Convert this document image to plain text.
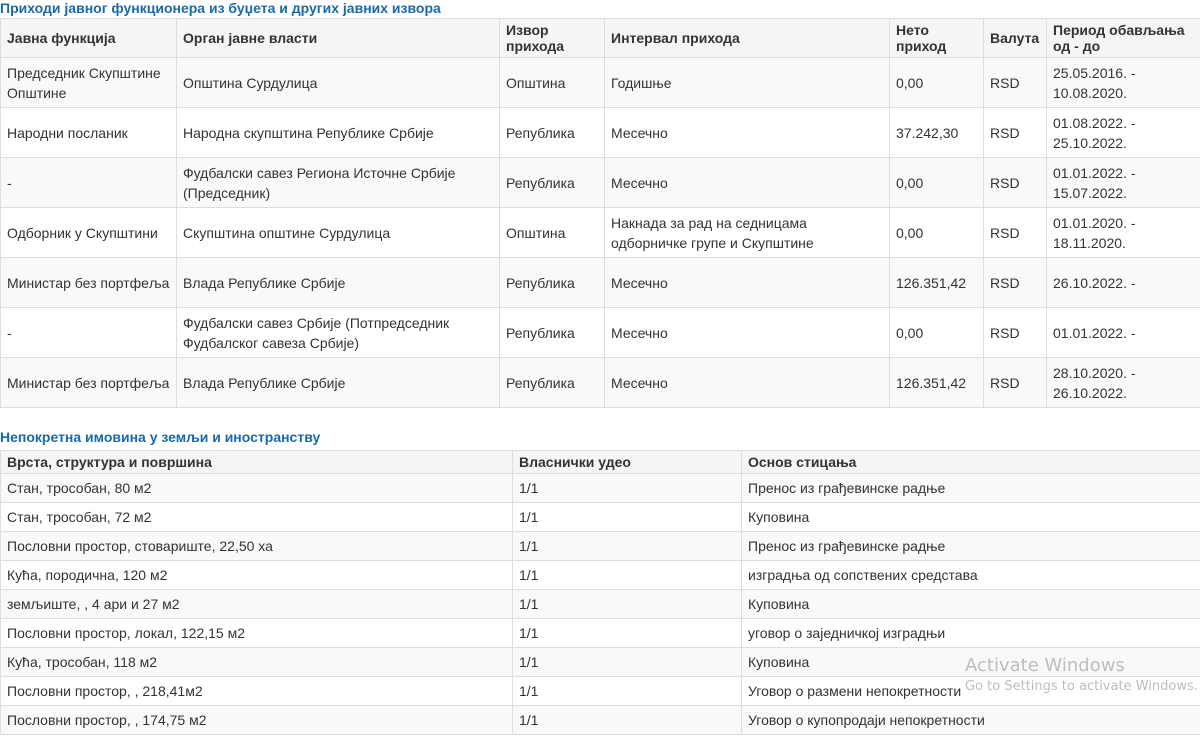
Приходи јавног функционера из буџета и других јавних извора
Јавна функција	Орган јавне власти	Извор прихода	Интервал прихода	Нето приход	Валута	Период обављања од - до
Председник Скупштине Општине	Општина Сурдулица	Општина	Годишње	0,00	RSD	25.05.2016. - 10.08.2020.
Народни посланик	Народна скупштина Републике Србије	Република	Месечно	37.242,30	RSD	01.08.2022. - 25.10.2022.
-	Фудбалски савез Регионa Источне Србије (Председник)	Република	Месечно	0,00	RSD	01.01.2022. - 15.07.2022.
Одборник у Скупштини	Скупштина општине Сурдулица	Општина	Накнада за рад на седницама одборничке групе и Скупштине	0,00	RSD	01.01.2020. - 18.11.2020.
Министар без портфеља	Влада Републике Србије	Република	Месечно	126.351,42	RSD	26.10.2022. -
-	Фудбалски савез Србије (Потпредседник Фудбалског савеза Србије)	Република	Месечно	0,00	RSD	01.01.2022. -
Министар без портфеља	Влада Републике Србије	Република	Месечно	126.351,42	RSD	28.10.2020. - 26.10.2022.
Непокретна имовина у земљи и иностранству
Врста, структура и површина	Власнички удео	Основ стицања
Стан, трособан, 80 м2	1/1	Пренос из грађевинске радње
Стан, трособан, 72 м2	1/1	Куповина
Пословни простор, стовариште, 22,50 ха	1/1	Пренос из грађевинске радње
Кућа, породична, 120 м2	1/1	изградња од сопствених средстава
земљиште, , 4 ари и 27 м2	1/1	Куповина
Пословни простор, локал, 122,15 м2	1/1	уговор о заједничкој изградњи
Кућа, трособан, 118 м2	1/1	Куповина
Пословни простор, , 218,41м2	1/1	Уговор о размени непокретности
Пословни простор, , 174,75 м2	1/1	Уговор о купопродаји непокретности
Activate Windows
Go to Settings to activate Windows.
